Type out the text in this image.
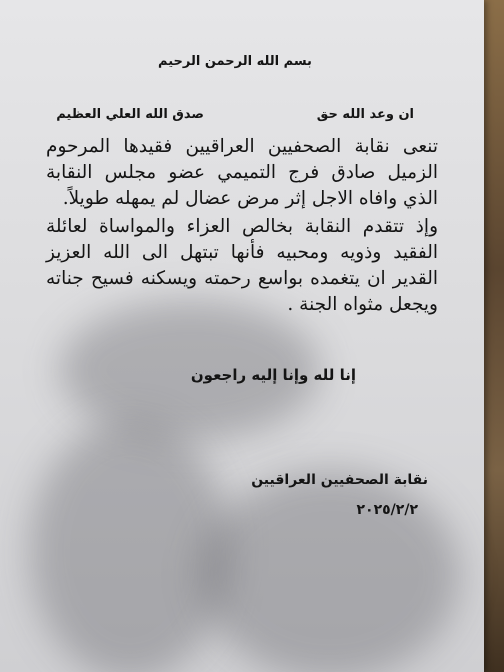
بسم الله الرحمن الرحيم
ان وعد الله حق
صدق الله العلي العظيم

تنعى نقابة الصحفيين العراقيين فقيدها المرحوم الزميل صادق فرج التميمي عضو مجلس النقابة الذي وافاه الاجل إثر مرض عضال لم يمهله طويلاً.

وإذ تتقدم النقابة بخالص العزاء والمواساة لعائلة الفقيد وذويه ومحبيه فأنها تبتهل الى الله العزيز القدير ان يتغمده بواسع رحمته ويسكنه فسيح جناته ويجعل مثواه الجنة .

إنا لله وإنا إليه راجعون
نقابة الصحفيين العراقيين
٢٠٢٥/٢/٢
